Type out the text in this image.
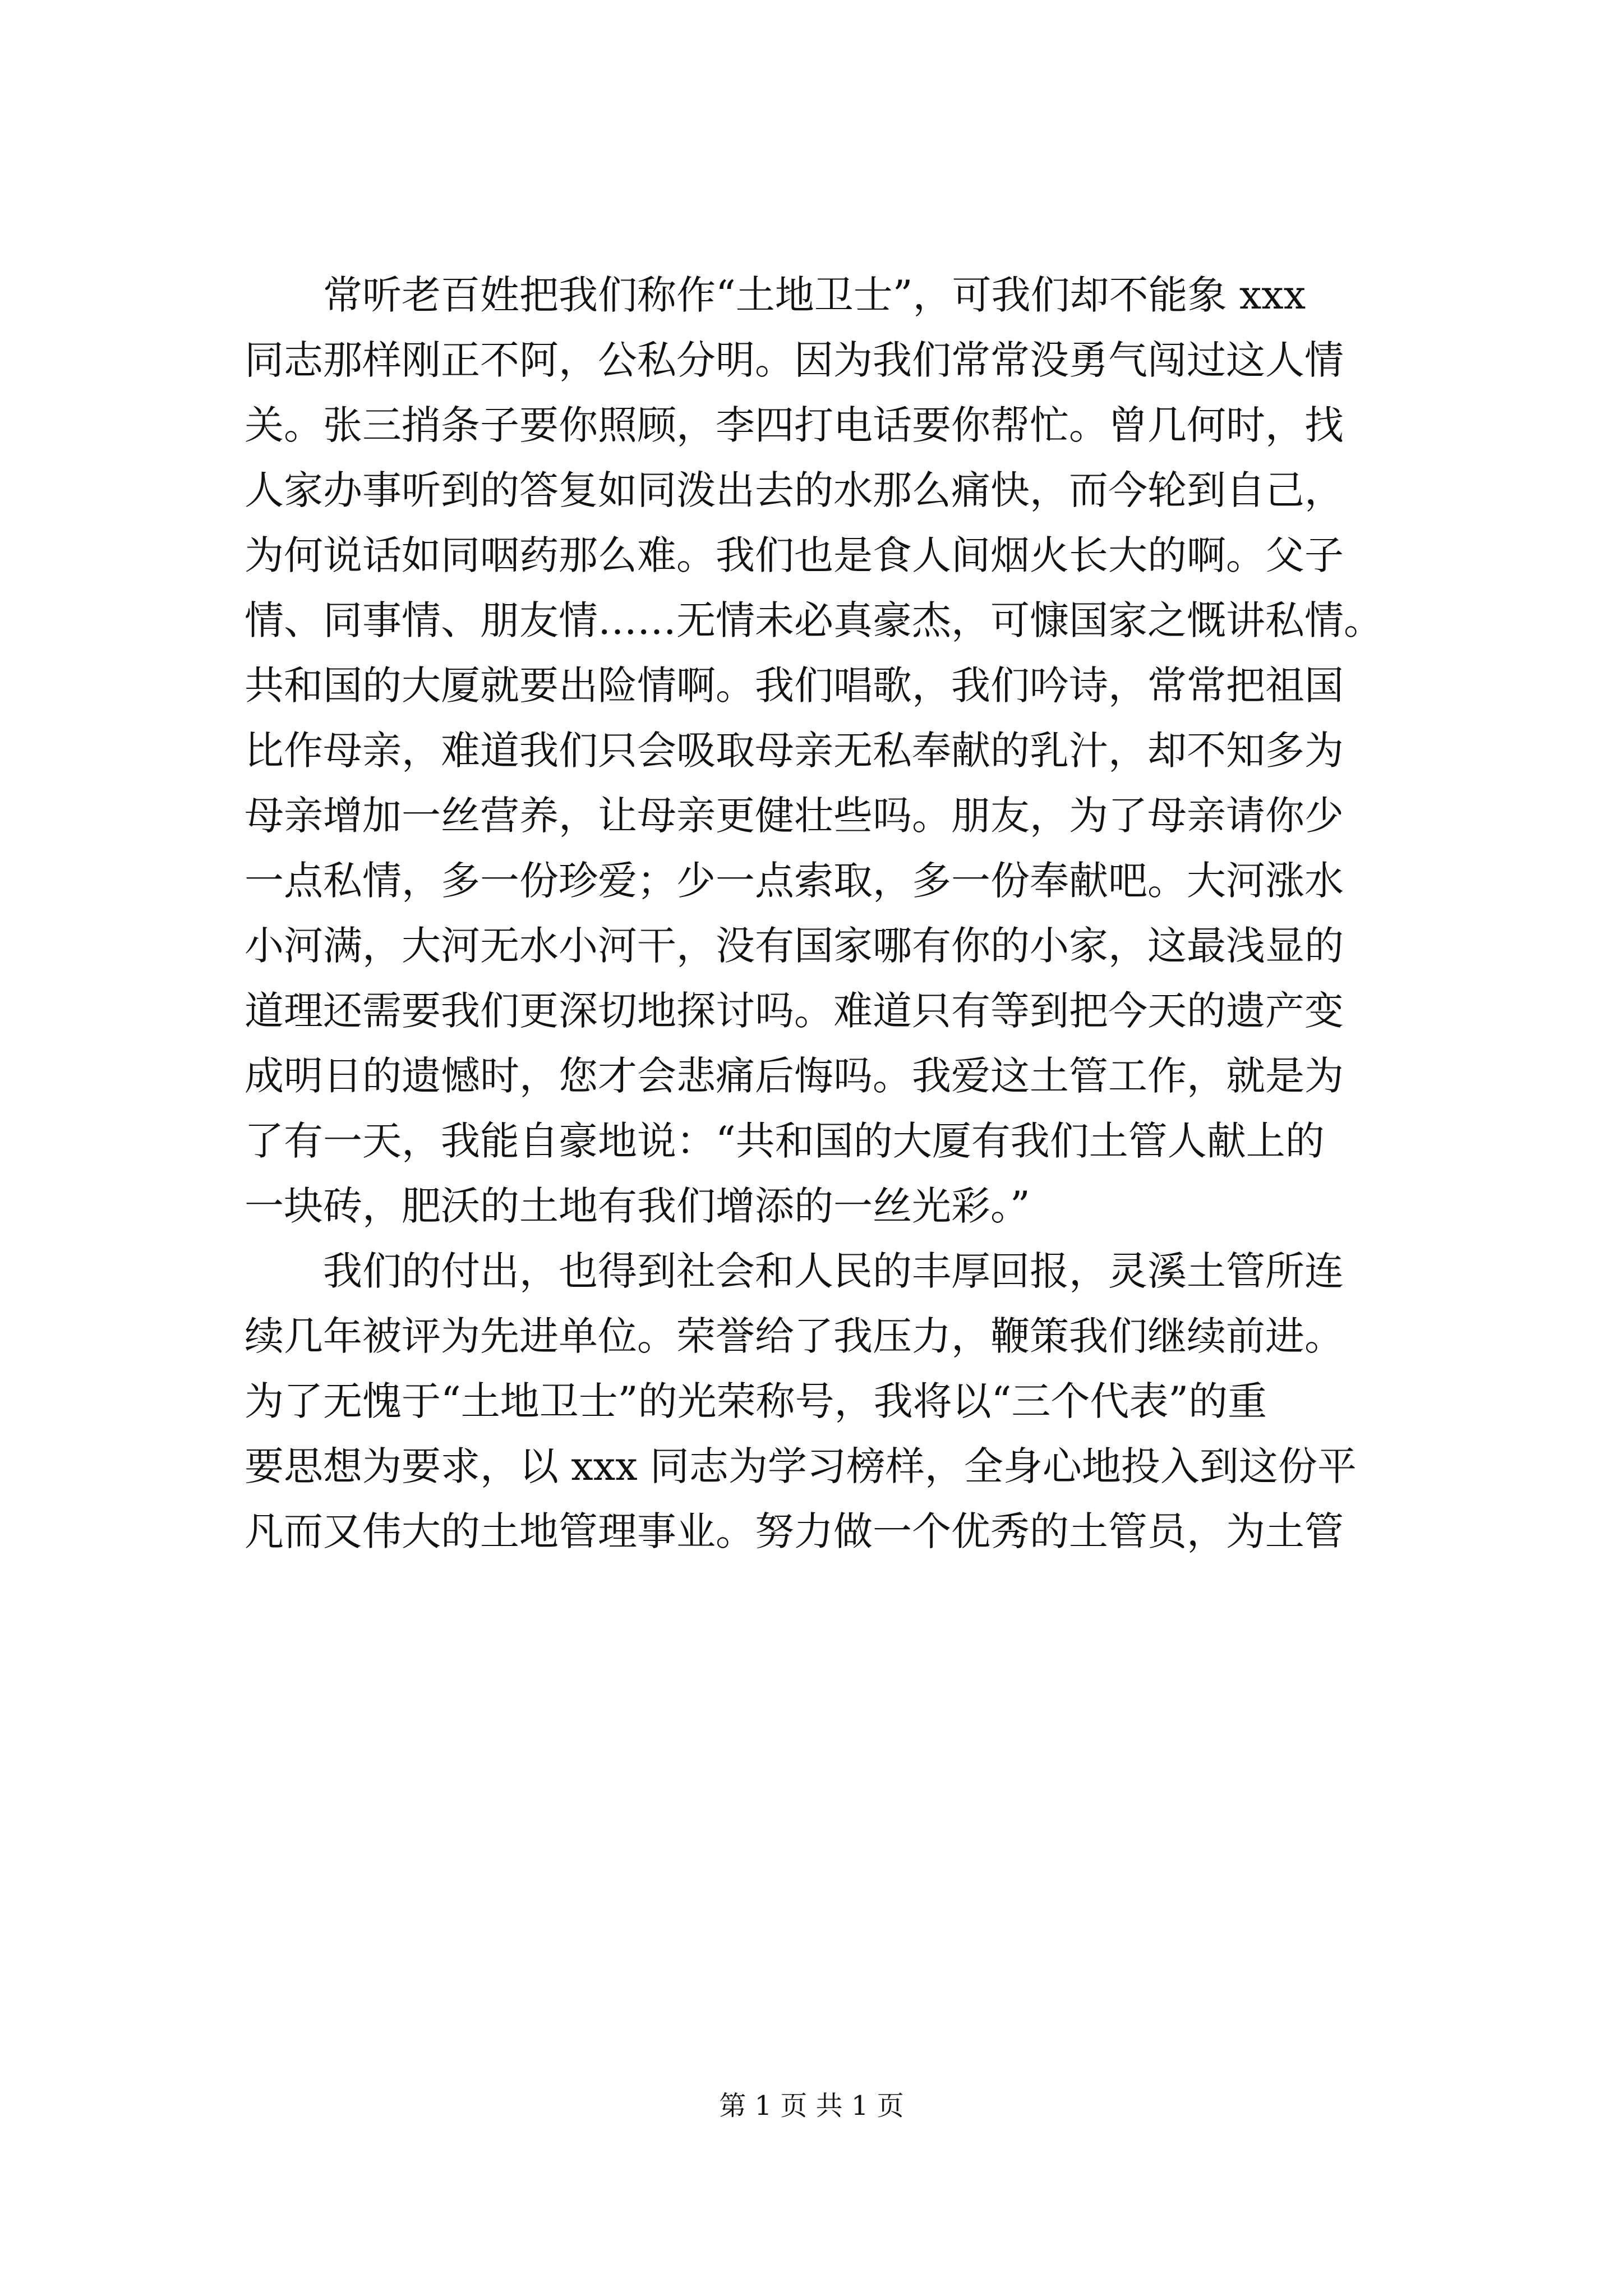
常听老百姓把我们称作“土地卫士”，可我们却不能象 xxx
同志那样刚正不阿，公私分明。因为我们常常没勇气闯过这人情
关。张三捎条子要你照顾，李四打电话要你帮忙。曾几何时，找
人家办事听到的答复如同泼出去的水那么痛快，而今轮到自己，
为何说话如同咽药那么难。我们也是食人间烟火长大的啊。父子
情、同事情、朋友情……无情未必真豪杰，可慷国家之慨讲私情。
共和国的大厦就要出险情啊。我们唱歌，我们吟诗，常常把祖国
比作母亲，难道我们只会吸取母亲无私奉献的乳汁，却不知多为
母亲增加一丝营养，让母亲更健壮些吗。朋友，为了母亲请你少
一点私情，多一份珍爱；少一点索取，多一份奉献吧。大河涨水
小河满，大河无水小河干，没有国家哪有你的小家，这最浅显的
道理还需要我们更深切地探讨吗。难道只有等到把今天的遗产变
成明日的遗憾时，您才会悲痛后悔吗。我爱这土管工作，就是为
了有一天，我能自豪地说：“共和国的大厦有我们土管人献上的
一块砖，肥沃的土地有我们增添的一丝光彩。”
我们的付出，也得到社会和人民的丰厚回报，灵溪土管所连
续几年被评为先进单位。荣誉给了我压力，鞭策我们继续前进。
为了无愧于“土地卫士”的光荣称号，我将以“三个代表”的重
要思想为要求，以 xxx 同志为学习榜样，全身心地投入到这份平
凡而又伟大的土地管理事业。努力做一个优秀的土管员，为土管
第 1 页 共 1 页
